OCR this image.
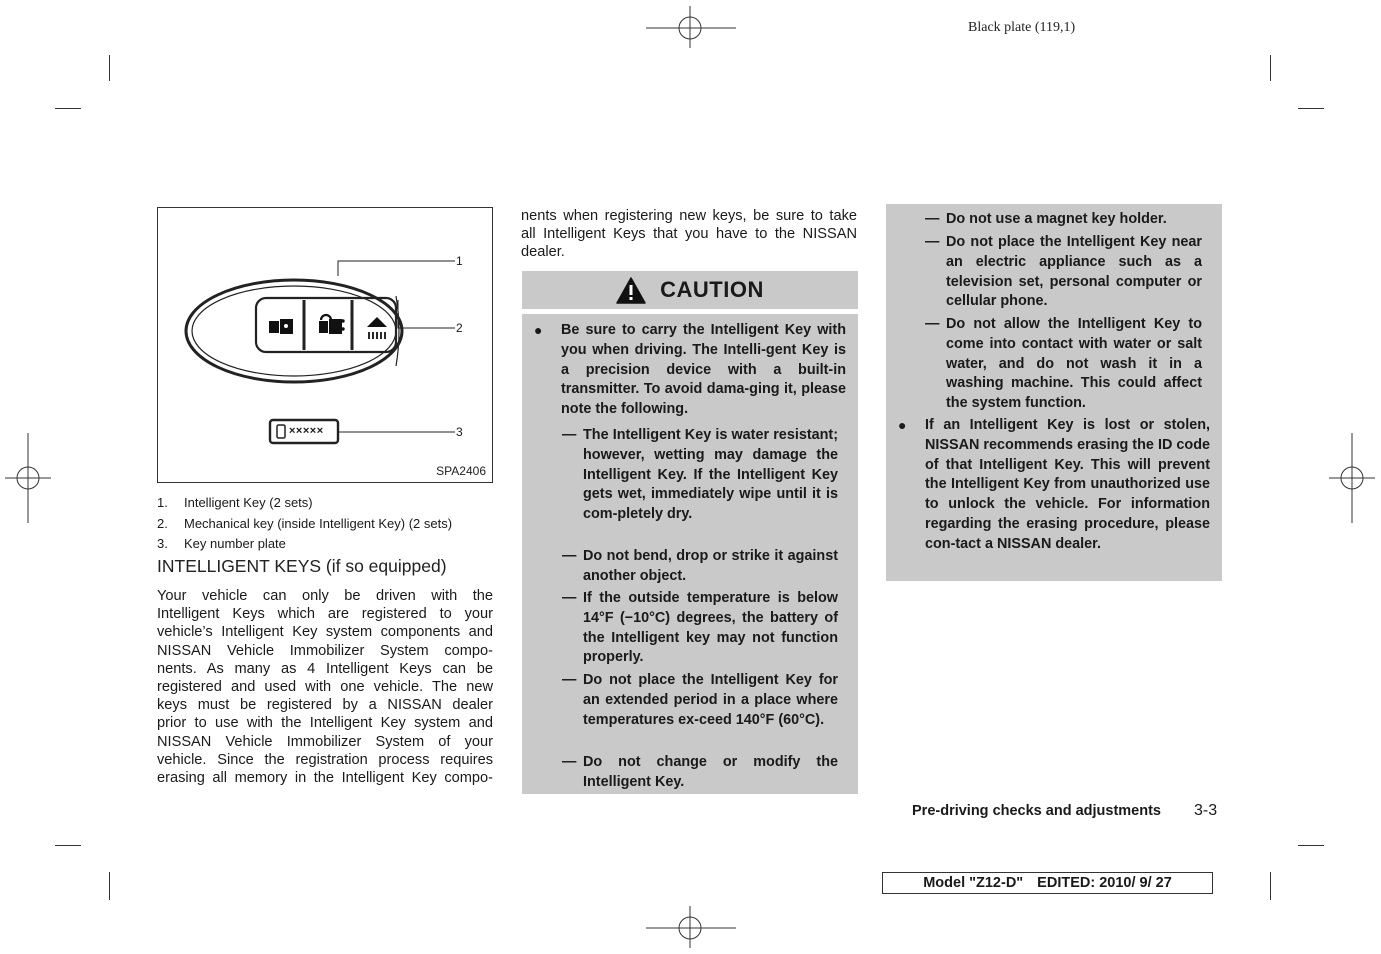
Black plate (119,1)
1
2
3
×××××
SPA2406
1.	Intelligent Key (2 sets)
2.	Mechanical key (inside Intelligent Key) (2 sets)
3.	Key number plate
INTELLIGENT KEYS (if so equipped)
Your vehicle can only be driven with the
Intelligent Keys which are registered to your
vehicle’s Intelligent Key system components and
NISSAN Vehicle Immobilizer System compo-
nents. As many as 4 Intelligent Keys can be
registered and used with one vehicle. The new
keys must be registered by a NISSAN dealer
prior to use with the Intelligent Key system and
NISSAN Vehicle Immobilizer System of your
vehicle. Since the registration process requires
erasing all memory in the Intelligent Key compo-
nents when registering new keys, be sure to take
all Intelligent Keys that you have to the NISSAN
dealer.
CAUTION
● Be sure to carry the Intelligent Key with you when driving. The Intelli-gent Key is a precision device with a built-in transmitter. To avoid dama-ging it, please note the following.
— The Intelligent Key is water resistant; however, wetting may damage the Intelligent Key. If the Intelligent Key gets wet, immediately wipe until it is com-pletely dry.
— Do not bend, drop or strike it against another object.
— If the outside temperature is below 14°F (−10°C) degrees, the battery of the Intelligent key may not function properly.
— Do not place the Intelligent Key for an extended period in a place where temperatures ex-ceed 140°F (60°C).
— Do not change or modify the Intelligent Key.
— Do not use a magnet key holder.
— Do not place the Intelligent Key near an electric appliance such as a television set, personal computer or cellular phone.
— Do not allow the Intelligent Key to come into contact with water or salt water, and do not wash it in a washing machine. This could affect the system function.
● If an Intelligent Key is lost or stolen, NISSAN recommends erasing the ID code of that Intelligent Key. This will prevent the Intelligent Key from unauthorized use to unlock the vehicle. For information regarding the erasing procedure, please con-tact a NISSAN dealer.
Pre-driving checks and adjustments 3-3
Model "Z12-D" EDITED: 2010/ 9/ 27
